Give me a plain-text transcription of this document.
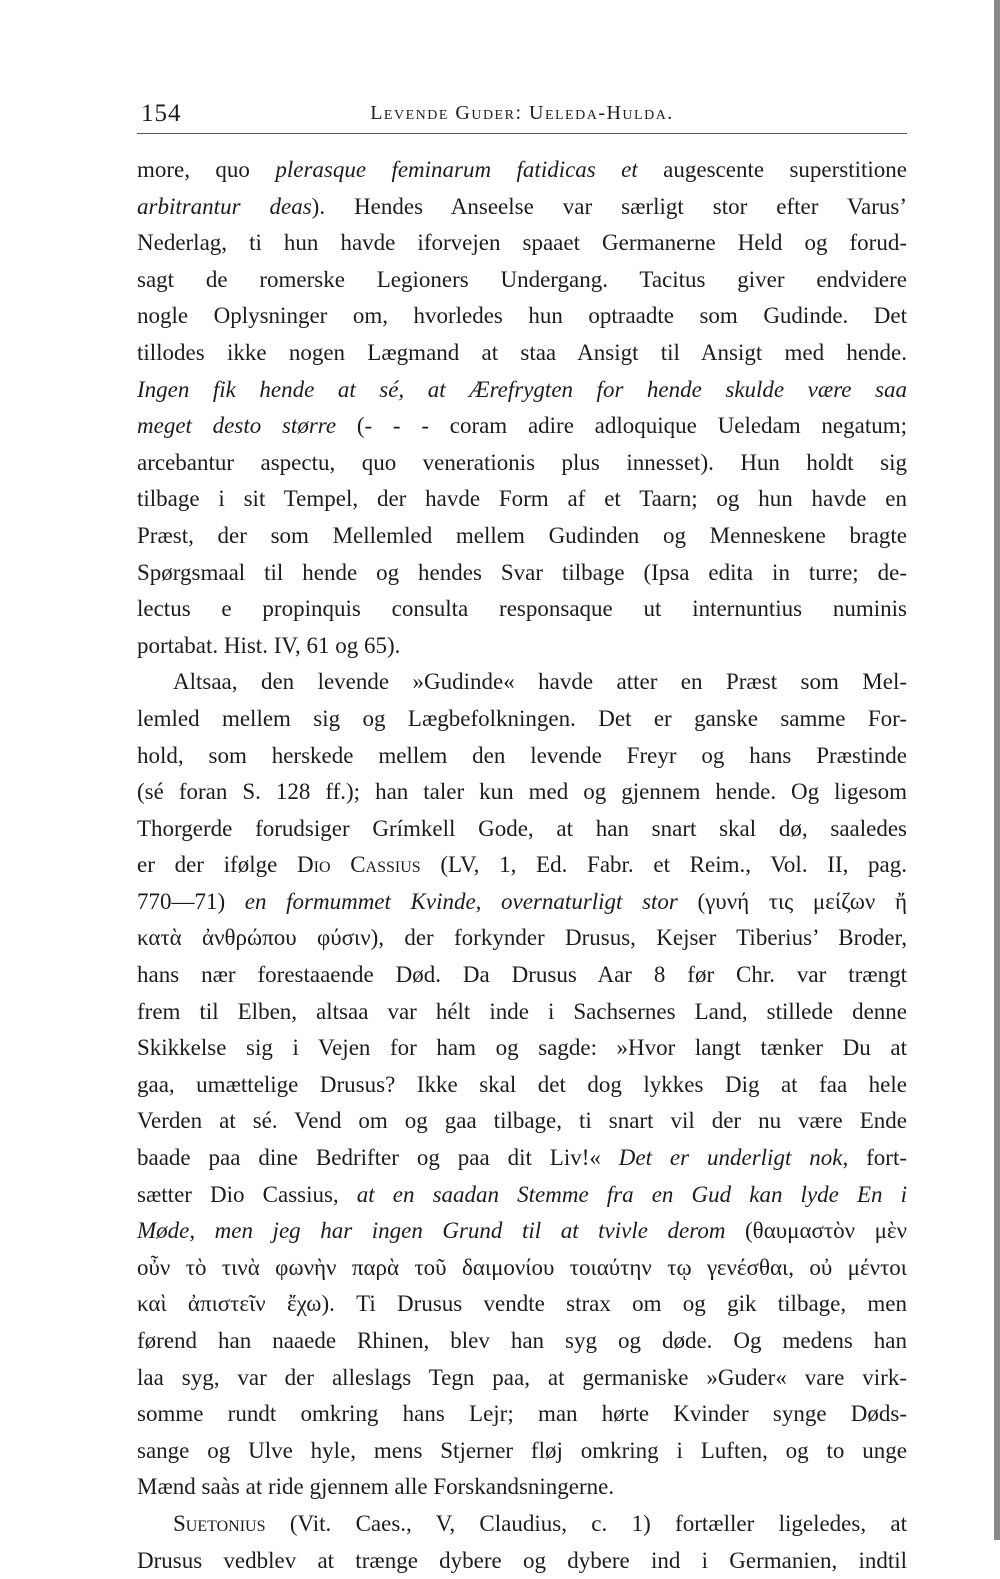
154	Levende Guder: Ueleda-Hulda.
more, quo plerasque feminarum fatidicas et augescente superstitione
arbitrantur deas). Hendes Anseelse var særligt stor efter Varus’
Nederlag, ti hun havde iforvejen spaaet Germanerne Held og forud-
sagt de romerske Legioners Undergang. Tacitus giver endvidere
nogle Oplysninger om, hvorledes hun optraadte som Gudinde. Det
tillodes ikke nogen Lægmand at staa Ansigt til Ansigt med hende.
Ingen fik hende at sé, at Ærefrygten for hende skulde være saa
meget desto større (- - - coram adire adloquique Ueledam negatum;
arcebantur aspectu, quo venerationis plus innesset). Hun holdt sig
tilbage i sit Tempel, der havde Form af et Taarn; og hun havde en
Præst, der som Mellemled mellem Gudinden og Menneskene bragte
Spørgsmaal til hende og hendes Svar tilbage (Ipsa edita in turre; de-
lectus e propinquis consulta responsaque ut internuntius numinis
portabat. Hist. IV, 61 og 65).
Altsaa, den levende »Gudinde« havde atter en Præst som Mel-
lemled mellem sig og Lægbefolkningen. Det er ganske samme For-
hold, som herskede mellem den levende Freyr og hans Præstinde
(sé foran S. 128 ff.); han taler kun med og gjennem hende. Og ligesom
Thorgerde forudsiger Grímkell Gode, at han snart skal dø, saaledes
er der ifølge Dio Cassius (LV, 1, Ed. Fabr. et Reim., Vol. II, pag.
770—71) en formummet Kvinde, overnaturligt stor (γυνή τις μείζων ἤ
κατὰ ἀνθρώπου φύσιν), der forkynder Drusus, Kejser Tiberius’ Broder,
hans nær forestaaende Død. Da Drusus Aar 8 før Chr. var trængt
frem til Elben, altsaa var hélt inde i Sachsernes Land, stillede denne
Skikkelse sig i Vejen for ham og sagde: »Hvor langt tænker Du at
gaa, umættelige Drusus? Ikke skal det dog lykkes Dig at faa hele
Verden at sé. Vend om og gaa tilbage, ti snart vil der nu være Ende
baade paa dine Bedrifter og paa dit Liv!« Det er underligt nok, fort-
sætter Dio Cassius, at en saadan Stemme fra en Gud kan lyde En i
Møde, men jeg har ingen Grund til at tvivle derom (θαυμαστὸν μὲν
οὖν τὸ τινὰ φωνὴν παρὰ τοῦ δαιμονίου τοιαύτην τῳ γενέσθαι, οὐ μέντοι
καὶ ἀπιστεῖν ἔχω). Ti Drusus vendte strax om og gik tilbage, men
førend han naaede Rhinen, blev han syg og døde. Og medens han
laa syg, var der alleslags Tegn paa, at germaniske »Guder« vare virk-
somme rundt omkring hans Lejr; man hørte Kvinder synge Døds-
sange og Ulve hyle, mens Stjerner fløj omkring i Luften, og to unge
Mænd saàs at ride gjennem alle Forskandsningerne.
Suetonius (Vit. Caes., V, Claudius, c. 1) fortæller ligeledes, at
Drusus vedblev at trænge dybere og dybere ind i Germanien, indtil
